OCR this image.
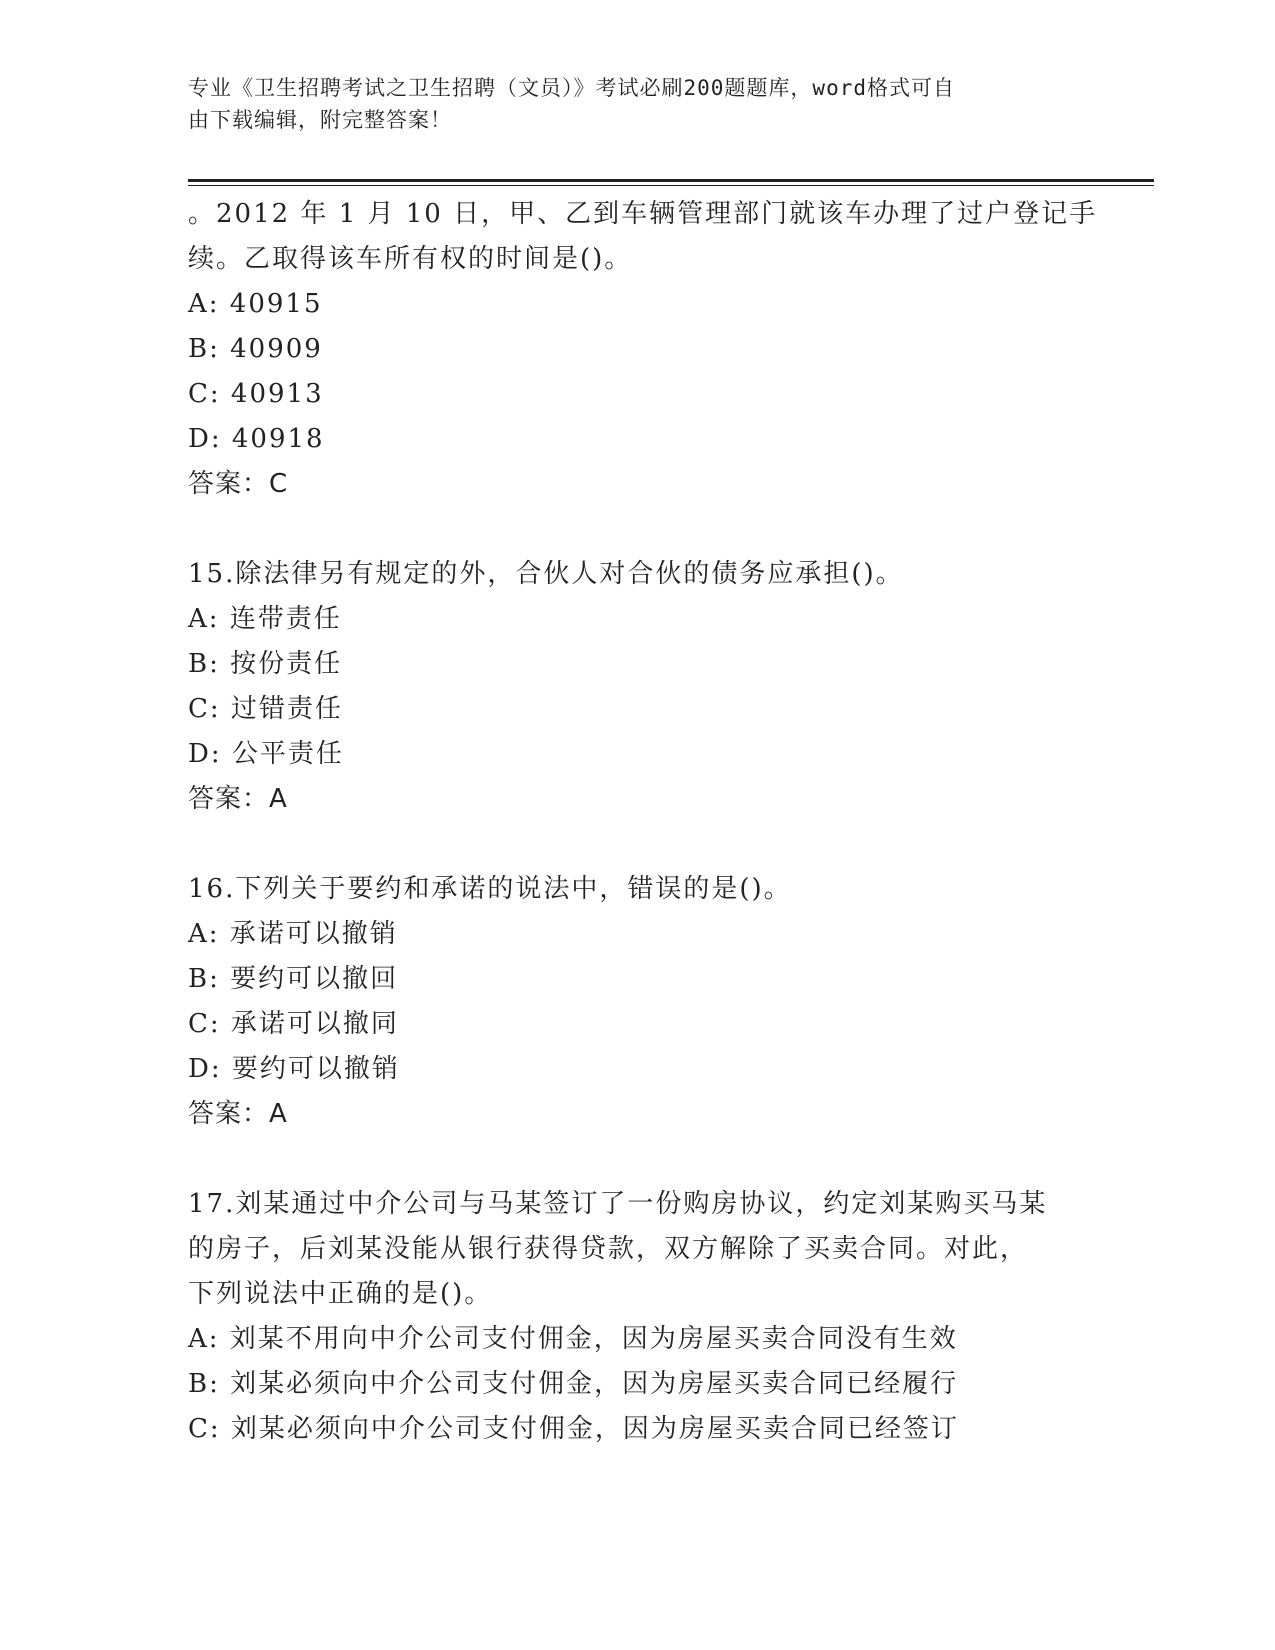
专业《卫生招聘考试之卫生招聘（文员）》考试必刷200题题库，word格式可自
由下载编辑，附完整答案！
。2012 年 1 月 10 日，甲、乙到车辆管理部门就该车办理了过户登记手
续。乙取得该车所有权的时间是()。
A: 40915
B: 40909
C: 40913
D: 40918
答案：C
15.除法律另有规定的外，合伙人对合伙的债务应承担()。
A: 连带责任
B: 按份责任
C: 过错责任
D: 公平责任
答案：A
16.下列关于要约和承诺的说法中，错误的是()。
A: 承诺可以撤销
B: 要约可以撤回
C: 承诺可以撤同
D: 要约可以撤销
答案：A
17.刘某通过中介公司与马某签订了一份购房协议，约定刘某购买马某
的房子，后刘某没能从银行获得贷款，双方解除了买卖合同。对此，
下列说法中正确的是()。
A: 刘某不用向中介公司支付佣金，因为房屋买卖合同没有生效
B: 刘某必须向中介公司支付佣金，因为房屋买卖合同已经履行
C: 刘某必须向中介公司支付佣金，因为房屋买卖合同已经签订
